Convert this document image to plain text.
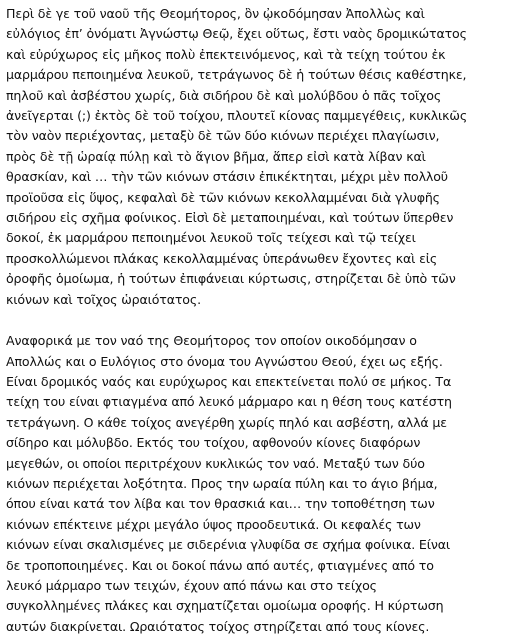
Περὶ δὲ γε τοῦ ναοῦ τῆς Θεομήτορος, ὃν ᾠκοδόμησαν Ἀπολλὼς καὶ
εὐλόγιος ἐπ’ ὀνόματι Ἀγνώστῳ Θεῷ, ἔχει οὕτως, ἔστι ναὸς δρομικώτατος
καὶ εὐρύχωρος εἰς μῆκος πολὺ ἐπεκτεινόμενος, καὶ τὰ τείχη τούτου ἐκ
μαρμάρου πεποιημένα λευκοῦ, τετράγωνος δὲ ἡ τούτων θέσις καθέστηκε,
πηλοῦ καὶ ἀσβέστου χωρίς, διὰ σιδήρου δὲ καὶ μολύβδου ὁ πᾶς τοῖχος
ἀνεῖγερται (;) ἐκτὸς δὲ τοῦ τοίχου, πλουτεῖ κίονας παμμεγέθεις, κυκλικῶς
τὸν ναὸν περιέχοντας, μεταξὺ δὲ τῶν δύο κιόνων περιέχει πλαγίωσιν,
πρὸς δὲ τῇ ὡραίᾳ πύλῃ καὶ τὸ ἅγιον βῆμα, ἅπερ εἰσὶ κατὰ λίβαν καὶ
θρασκίαν, καὶ … τὴν τῶν κιόνων στάσιν ἐπικέκτηται, μέχρι μὲν πολλοῦ
προϊοῦσα εἰς ὕψος, κεφαλαὶ δὲ τῶν κιόνων κεκολλαμμέναι διὰ γλυφῆς
σιδήρου εἰς σχῆμα φοίνικος. Εἰσὶ δὲ μεταποιημέναι, καὶ τούτων ὕπερθεν
δοκοί, ἐκ μαρμάρου πεποιημένοι λευκοῦ τοῖς τείχεσι καὶ τῷ τείχει
προσκολλώμενοι πλάκας κεκολλαμμένας ὑπεράνωθεν ἔχοντες καὶ εἰς
ὀροφῆς ὁμοίωμα, ἡ τούτων ἐπιφάνειαι κύρτωσις, στηρίζεται δὲ ὑπὸ τῶν
κιόνων καὶ τοῖχος ὡραιότατος.

Αναφορικά με τον ναό της Θεομήτορος τον οποίον οικοδόμησαν ο
Απολλώς και ο Ευλόγιος στο όνομα του Αγνώστου Θεού, έχει ως εξής.
Είναι δρομικός ναός και ευρύχωρος και επεκτείνεται πολύ σε μήκος. Τα
τείχη του είναι φτιαγμένα από λευκό μάρμαρο και η θέση τους κατέστη
τετράγωνη. Ο κάθε τοίχος ανεγέρθη χωρίς πηλό και ασβέστη, αλλά με
σίδηρο και μόλυβδο. Εκτός του τοίχου, αφθονούν κίονες διαφόρων
μεγεθών, οι οποίοι περιτρέχουν κυκλικώς τον ναό. Μεταξύ των δύο
κιόνων περιέχεται λοξότητα. Προς την ωραία πύλη και το άγιο βήμα,
όπου είναι κατά τον λίβα και τον θρασκιά και… την τοποθέτηση των
κιόνων επέκτεινε μέχρι μεγάλο ύψος προοδευτικά. Οι κεφαλές των
κιόνων είναι σκαλισμένες με σιδερένια γλυφίδα σε σχήμα φοίνικα. Είναι
δε τροποποιημένες. Και οι δοκοί πάνω από αυτές, φτιαγμένες από το
λευκό μάρμαρο των τειχών, έχουν από πάνω και στο τείχος
συγκολλημένες πλάκες και σχηματίζεται ομοίωμα οροφής. Η κύρτωση
αυτών διακρίνεται. Ωραιότατος τοίχος στηρίζεται από τους κίονες.
